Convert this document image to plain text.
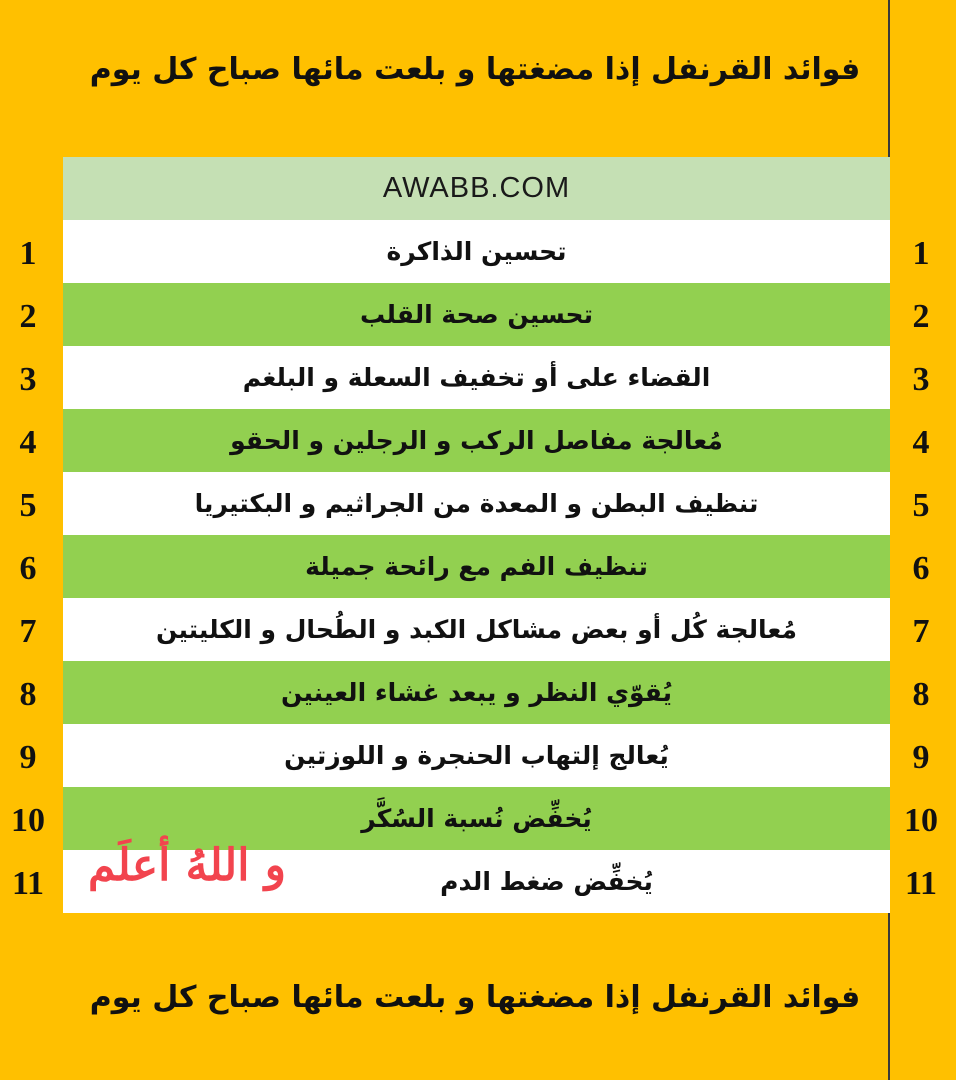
فوائد القرنفل إذا مضغتها و بلعت مائها صباح كل يوم
AWABB.COM
تحسين الذاكرة
تحسين صحة القلب
القضاء على أو تخفيف السعلة و البلغم
مُعالجة مفاصل الركب و الرجلين و الحقو
تنظيف البطن و المعدة من الجراثيم و البكتيريا
تنظيف الفم مع رائحة جميلة
مُعالجة كُل أو بعض مشاكل الكبد و الطُحال و الكليتين
يُقوّي النظر و يبعد غشاء العينين
يُعالج إلتهاب الحنجرة و اللوزتين
يُخفِّض نُسبة السُكَّر
يُخفِّض ضغط الدم
1
2
3
4
5
6
7
8
9
10
11
1
2
3
4
5
6
7
8
9
10
11
و اللهُ أعلَم
فوائد القرنفل إذا مضغتها و بلعت مائها صباح كل يوم
